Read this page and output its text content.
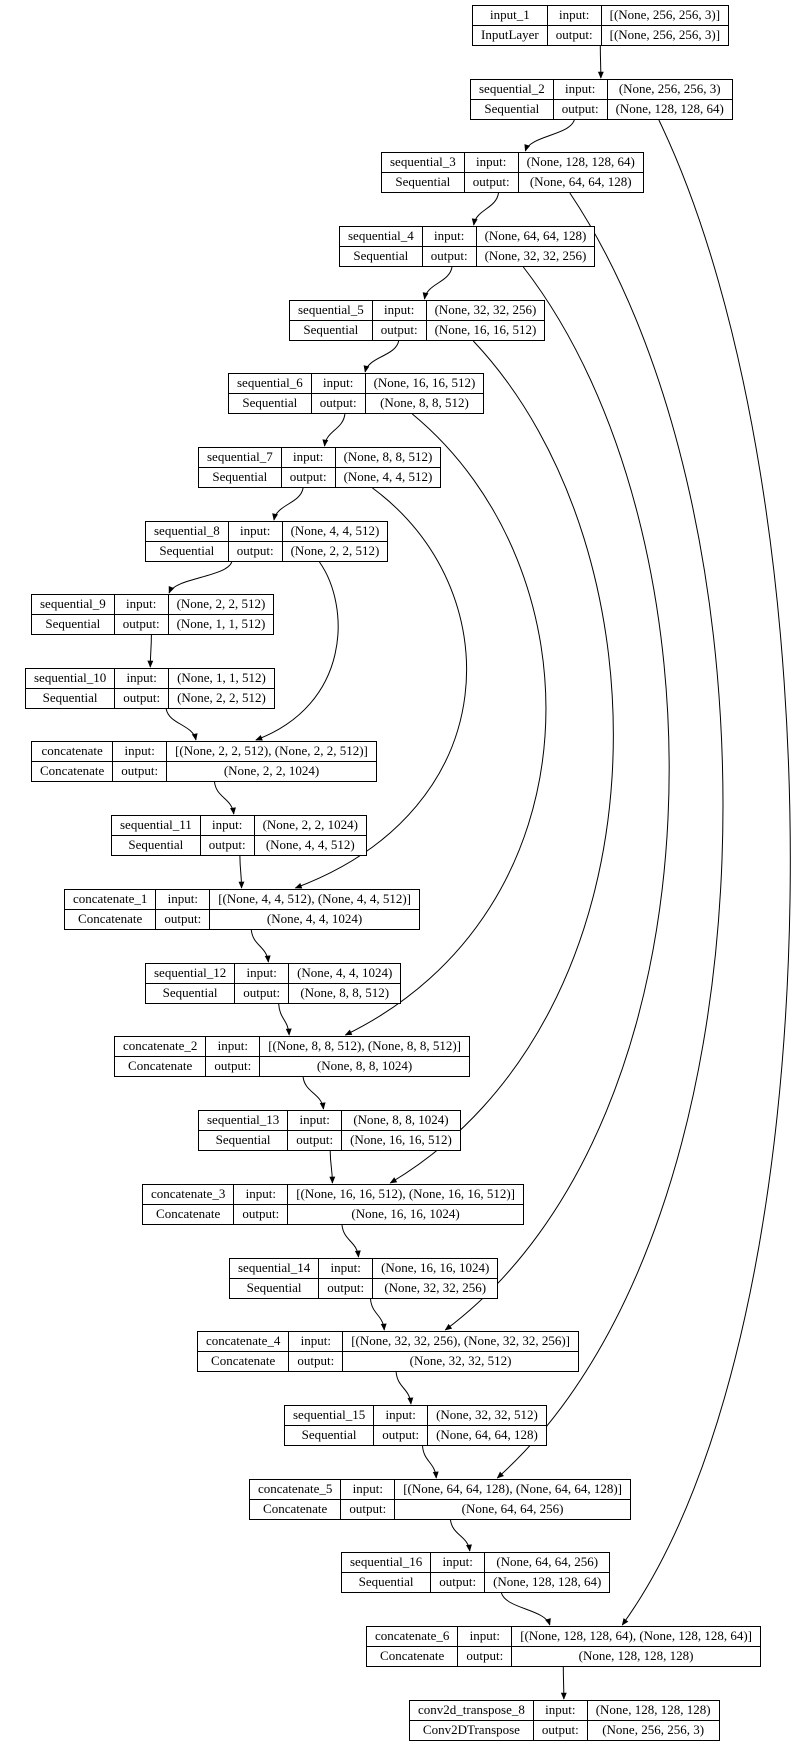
input_1
InputLayer
input:
output:
[(None, 256, 256, 3)]
[(None, 256, 256, 3)]
sequential_2
Sequential
input:
output:
(None, 256, 256, 3)
(None, 128, 128, 64)
sequential_3
Sequential
input:
output:
(None, 128, 128, 64)
(None, 64, 64, 128)
sequential_4
Sequential
input:
output:
(None, 64, 64, 128)
(None, 32, 32, 256)
sequential_5
Sequential
input:
output:
(None, 32, 32, 256)
(None, 16, 16, 512)
sequential_6
Sequential
input:
output:
(None, 16, 16, 512)
(None, 8, 8, 512)
sequential_7
Sequential
input:
output:
(None, 8, 8, 512)
(None, 4, 4, 512)
sequential_8
Sequential
input:
output:
(None, 4, 4, 512)
(None, 2, 2, 512)
sequential_9
Sequential
input:
output:
(None, 2, 2, 512)
(None, 1, 1, 512)
sequential_10
Sequential
input:
output:
(None, 1, 1, 512)
(None, 2, 2, 512)
concatenate
Concatenate
input:
output:
[(None, 2, 2, 512), (None, 2, 2, 512)]
(None, 2, 2, 1024)
sequential_11
Sequential
input:
output:
(None, 2, 2, 1024)
(None, 4, 4, 512)
concatenate_1
Concatenate
input:
output:
[(None, 4, 4, 512), (None, 4, 4, 512)]
(None, 4, 4, 1024)
sequential_12
Sequential
input:
output:
(None, 4, 4, 1024)
(None, 8, 8, 512)
concatenate_2
Concatenate
input:
output:
[(None, 8, 8, 512), (None, 8, 8, 512)]
(None, 8, 8, 1024)
sequential_13
Sequential
input:
output:
(None, 8, 8, 1024)
(None, 16, 16, 512)
concatenate_3
Concatenate
input:
output:
[(None, 16, 16, 512), (None, 16, 16, 512)]
(None, 16, 16, 1024)
sequential_14
Sequential
input:
output:
(None, 16, 16, 1024)
(None, 32, 32, 256)
concatenate_4
Concatenate
input:
output:
[(None, 32, 32, 256), (None, 32, 32, 256)]
(None, 32, 32, 512)
sequential_15
Sequential
input:
output:
(None, 32, 32, 512)
(None, 64, 64, 128)
concatenate_5
Concatenate
input:
output:
[(None, 64, 64, 128), (None, 64, 64, 128)]
(None, 64, 64, 256)
sequential_16
Sequential
input:
output:
(None, 64, 64, 256)
(None, 128, 128, 64)
concatenate_6
Concatenate
input:
output:
[(None, 128, 128, 64), (None, 128, 128, 64)]
(None, 128, 128, 128)
conv2d_transpose_8
Conv2DTranspose
input:
output:
(None, 128, 128, 128)
(None, 256, 256, 3)
